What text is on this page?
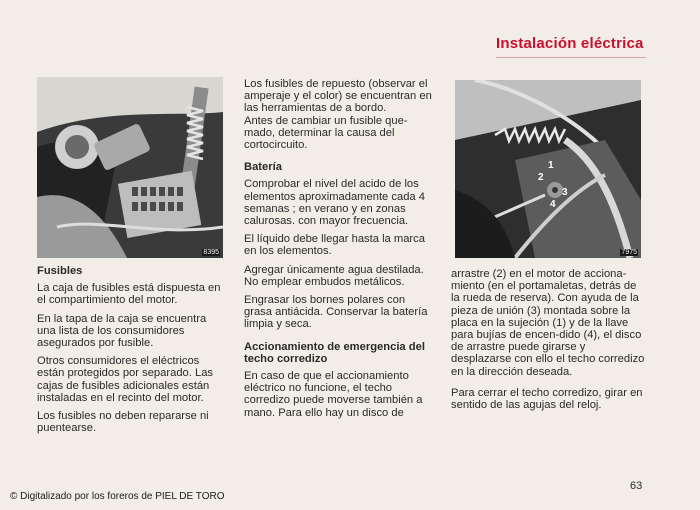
Instalación eléctrica
8395
Fusibles

La caja de fusibles está dispuesta en el compartimiento del motor.

En la tapa de la caja se encuentra una lista de los consumidores asegurados por fusible.

Otros consumidores el eléctricos están protegidos por separado. Las cajas de fusibles adicionales están instaladas en el recinto del motor.

Los fusibles no deben repararse ni puentearse.

Los fusibles de repuesto (observar el amperaje y el color) se encuentran en las herramientas de a bordo.

Antes de cambiar un fusible que-mado, determinar la causa del cortocircuito.

Batería

Comprobar el nivel del acido de los elementos aproximadamente cada 4 semanas ; en verano y en zonas calurosas. con mayor frecuencia.

El líquido debe llegar hasta la marca en los elementos.

Agregar únicamente agua destilada. No emplear embudos metálicos.

Engrasar los bornes polares con grasa antiácida. Conservar la batería limpia y seca.

Accionamiento de emergencia del techo corredizo

En caso de que el accionamiento eléctrico no funcione, el techo corredizo puede moverse también a mano. Para ello hay un disco de

1
2
3
4
7975

arrastre (2) en el motor de acciona-miento (en el portamaletas, detrás de la rueda de reserva). Con ayuda de la pieza de unión (3) montada sobre la placa en la sujeción (1) y de la llave para bujías de encen-dido (4), el disco de arrastre puede girarse y desplazarse con ello el techo corredizo en la dirección deseada.

Para cerrar el techo corredizo, girar en sentido de las agujas del reloj.

63
© Digitalizado por los foreros de PIEL DE TORO
